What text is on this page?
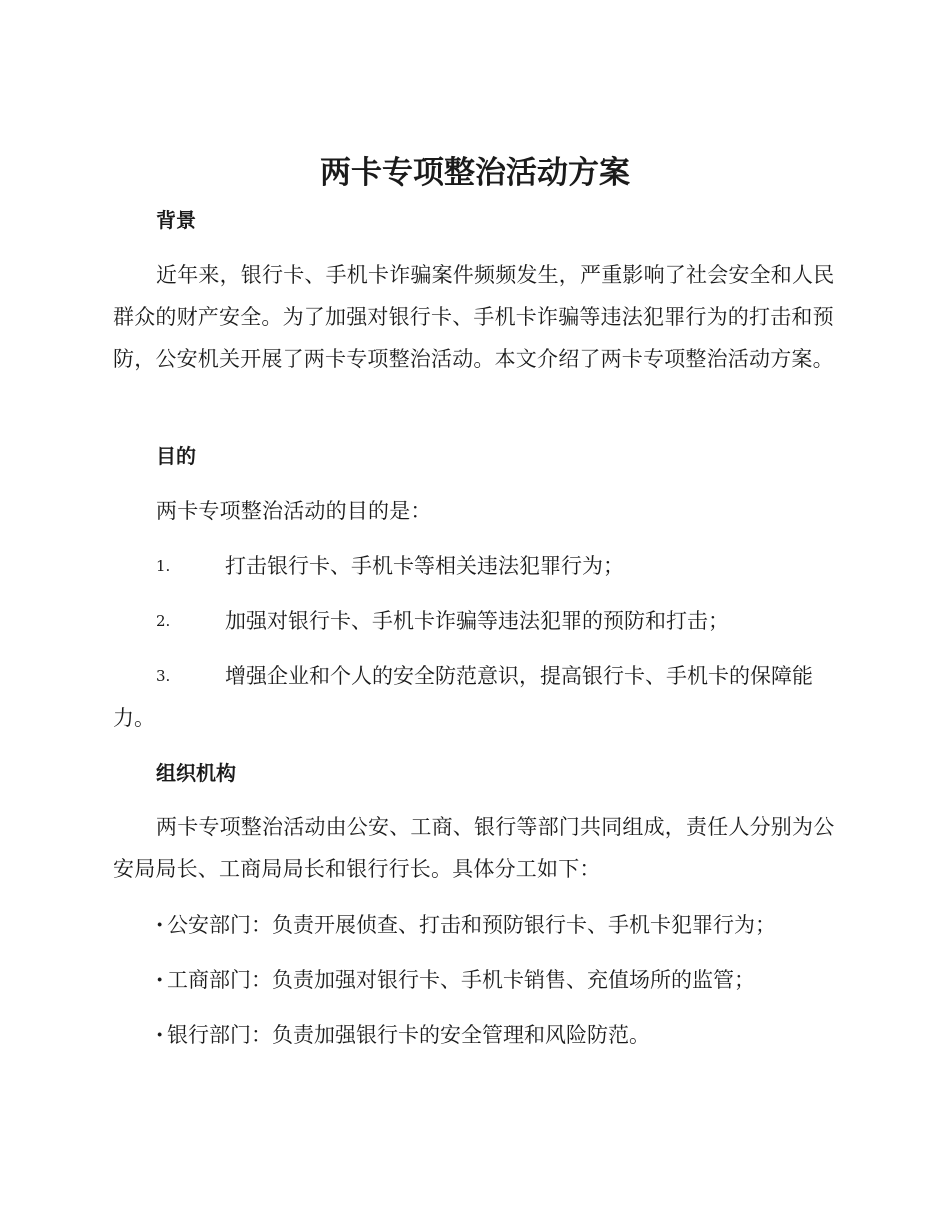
两卡专项整治活动方案
背景

近年来，银行卡、手机卡诈骗案件频频发生，严重影响了社会安全和人民群众的财产安全。为了加强对银行卡、手机卡诈骗等违法犯罪行为的打击和预防，公安机关开展了两卡专项整治活动。本文介绍了两卡专项整治活动方案。

目的

两卡专项整治活动的目的是：

1.	打击银行卡、手机卡等相关违法犯罪行为；
2.	加强对银行卡、手机卡诈骗等违法犯罪的预防和打击；
3.	增强企业和个人的安全防范意识，提高银行卡、手机卡的保障能
力。
组织机构

两卡专项整治活动由公安、工商、银行等部门共同组成，责任人分别为公安局局长、工商局局长和银行行长。具体分工如下：

· 公安部门：负责开展侦查、打击和预防银行卡、手机卡犯罪行为；
· 工商部门：负责加强对银行卡、手机卡销售、充值场所的监管；
· 银行部门：负责加强银行卡的安全管理和风险防范。
